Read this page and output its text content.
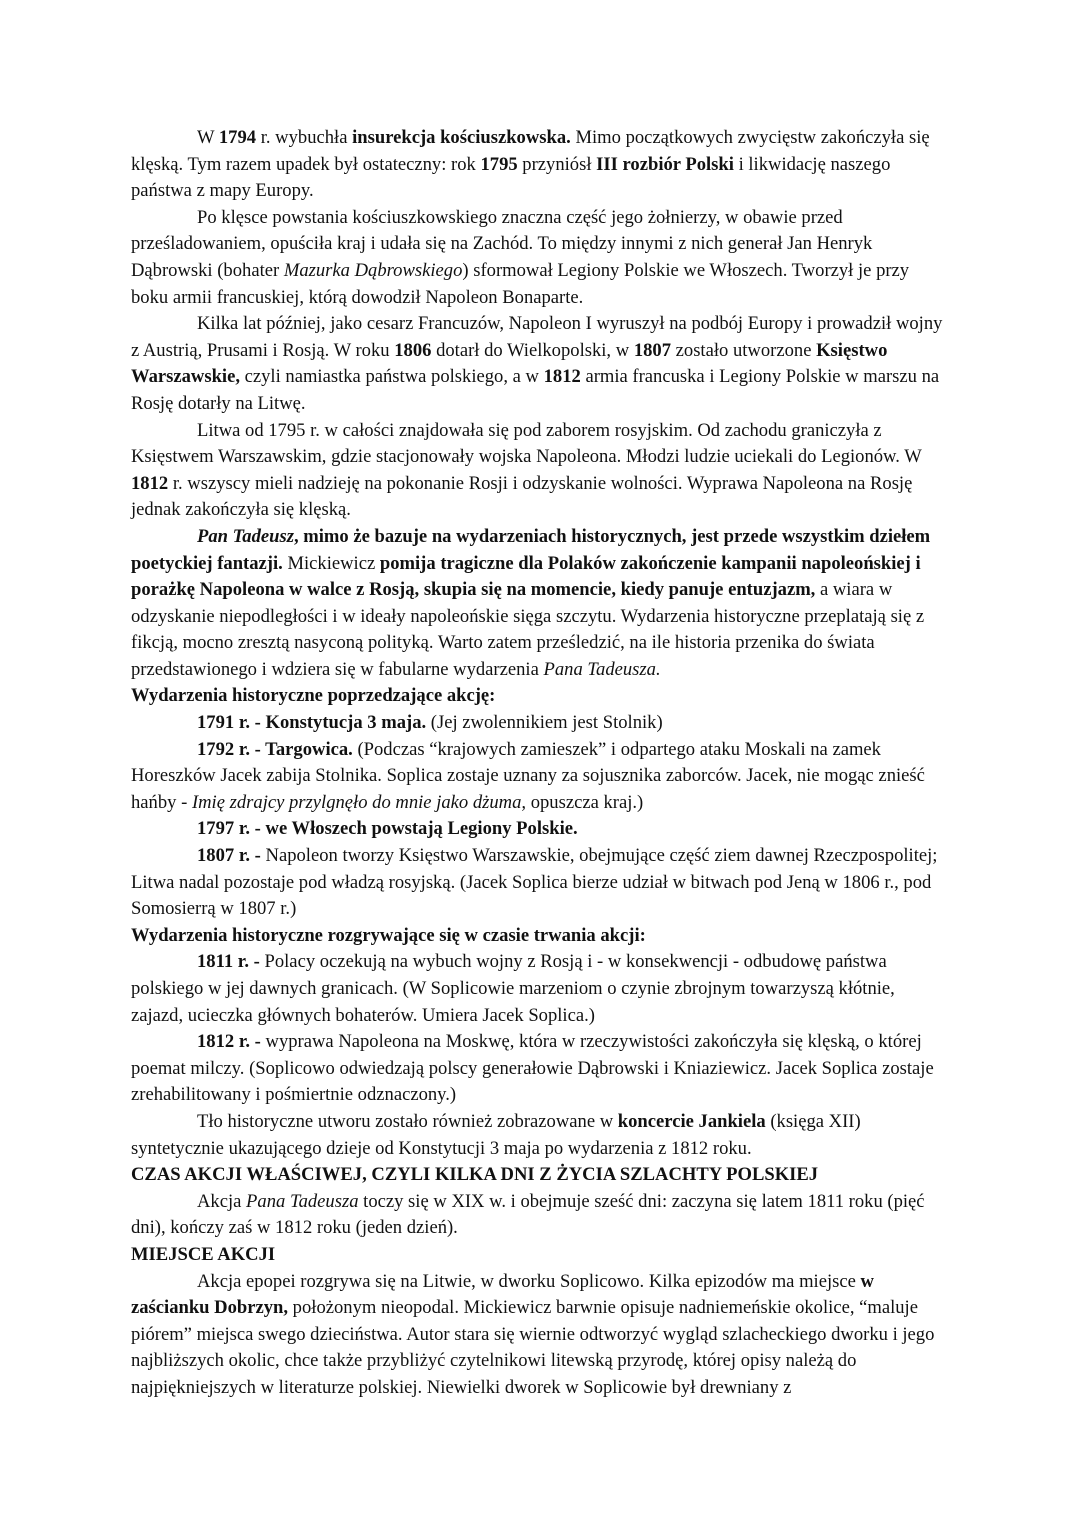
W 1794 r. wybuchła insurekcja kościuszkowska. Mimo początkowych zwycięstw zakończyła się klęską. Tym razem upadek był ostateczny: rok 1795 przyniósł III rozbiór Polski i likwidację naszego państwa z mapy Europy.

Po klęsce powstania kościuszkowskiego znaczna część jego żołnierzy, w obawie przed prześladowaniem, opuściła kraj i udała się na Zachód. To między innymi z nich generał Jan Henryk Dąbrowski (bohater Mazurka Dąbrowskiego) sformował Legiony Polskie we Włoszech. Tworzył je przy boku armii francuskiej, którą dowodził Napoleon Bonaparte.

Kilka lat później, jako cesarz Francuzów, Napoleon I wyruszył na podbój Europy i prowadził wojny z Austrią, Prusami i Rosją. W roku 1806 dotarł do Wielkopolski, w 1807 zostało utworzone Księstwo Warszawskie, czyli namiastka państwa polskiego, a w 1812 armia francuska i Legiony Polskie w marszu na Rosję dotarły na Litwę.

Litwa od 1795 r. w całości znajdowała się pod zaborem rosyjskim. Od zachodu graniczyła z Księstwem Warszawskim, gdzie stacjonowały wojska Napoleona. Młodzi ludzie uciekali do Legionów. W 1812 r. wszyscy mieli nadzieję na pokonanie Rosji i odzyskanie wolności. Wyprawa Napoleona na Rosję jednak zakończyła się klęską.

Pan Tadeusz, mimo że bazuje na wydarzeniach historycznych, jest przede wszystkim dziełem poetyckiej fantazji. Mickiewicz pomija tragiczne dla Polaków zakończenie kampanii napoleońskiej i porażkę Napoleona w walce z Rosją, skupia się na momencie, kiedy panuje entuzjazm, a wiara w odzyskanie niepodległości i w ideały napoleońskie sięga szczytu. Wydarzenia historyczne przeplatają się z fikcją, mocno zresztą nasyconą polityką. Warto zatem prześledzić, na ile historia przenika do świata przedstawionego i wdziera się w fabularne wydarzenia Pana Tadeusza.

Wydarzenia historyczne poprzedzające akcję:

1791 r. - Konstytucja 3 maja. (Jej zwolennikiem jest Stolnik)

1792 r. - Targowica. (Podczas “krajowych zamieszek” i odpartego ataku Moskali na zamek Horeszków Jacek zabija Stolnika. Soplica zostaje uznany za sojusznika zaborców. Jacek, nie mogąc znieść hańby - Imię zdrajcy przylgnęło do mnie jako dżuma, opuszcza kraj.)

1797 r. - we Włoszech powstają Legiony Polskie.

1807 r. - Napoleon tworzy Księstwo Warszawskie, obejmujące część ziem dawnej Rzeczpospolitej; Litwa nadal pozostaje pod władzą rosyjską. (Jacek Soplica bierze udział w bitwach pod Jeną w 1806 r., pod Somosierrą w 1807 r.)

Wydarzenia historyczne rozgrywające się w czasie trwania akcji:

1811 r. - Polacy oczekują na wybuch wojny z Rosją i - w konsekwencji - odbudowę państwa polskiego w jej dawnych granicach. (W Soplicowie marzeniom o czynie zbrojnym towarzyszą kłótnie, zajazd, ucieczka głównych bohaterów. Umiera Jacek Soplica.)

1812 r. - wyprawa Napoleona na Moskwę, która w rzeczywistości zakończyła się klęską, o której poemat milczy. (Soplicowo odwiedzają polscy generałowie Dąbrowski i Kniaziewicz. Jacek Soplica zostaje zrehabilitowany i pośmiertnie odznaczony.)

Tło historyczne utworu zostało również zobrazowane w koncercie Jankiela (księga XII) syntetycznie ukazującego dzieje od Konstytucji 3 maja po wydarzenia z 1812 roku.

CZAS AKCJI WŁAŚCIWEJ, CZYLI KILKA DNI Z ŻYCIA SZLACHTY POLSKIEJ

Akcja Pana Tadeusza toczy się w XIX w. i obejmuje sześć dni: zaczyna się latem 1811 roku (pięć dni), kończy zaś w 1812 roku (jeden dzień).

MIEJSCE AKCJI

Akcja epopei rozgrywa się na Litwie, w dworku Soplicowo. Kilka epizodów ma miejsce w zaścianku Dobrzyn, położonym nieopodal. Mickiewicz barwnie opisuje nadniemeńskie okolice, “maluje piórem” miejsca swego dzieciństwa. Autor stara się wiernie odtworzyć wygląd szlacheckiego dworku i jego najbliższych okolic, chce także przybliżyć czytelnikowi litewską przyrodę, której opisy należą do najpiękniejszych w literaturze polskiej. Niewielki dworek w Soplicowie był drewniany z
